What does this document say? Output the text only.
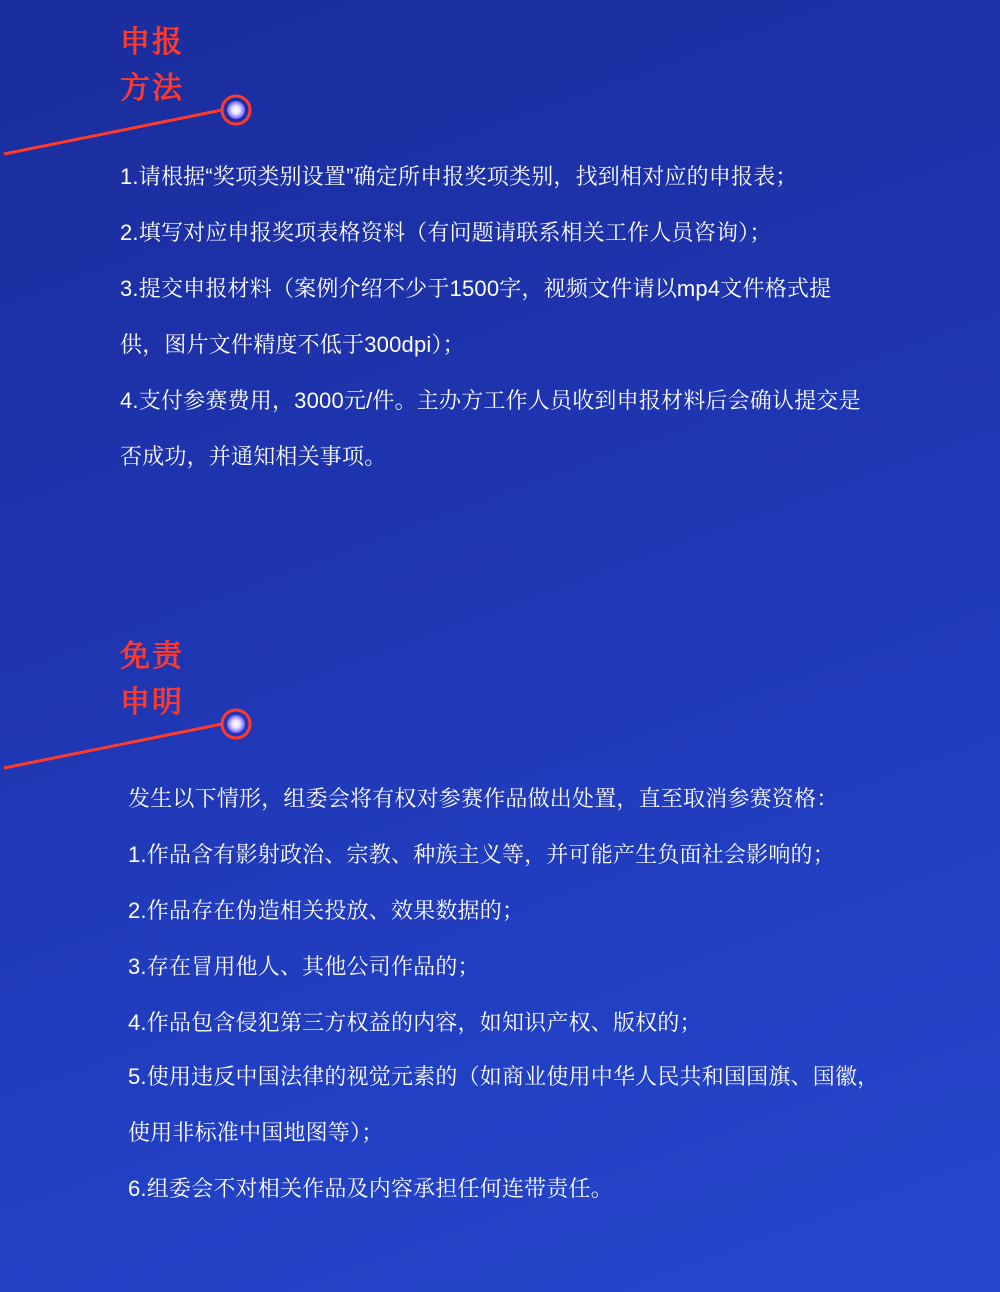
申报
方法

1.请根据“奖项类别设置”确定所申报奖项类别，找到相对应的申报表；

2.填写对应申报奖项表格资料（有问题请联系相关工作人员咨询）；

3.提交申报材料（案例介绍不少于1500字，视频文件请以mp4文件格式提

供，图片文件精度不低于300dpi）；

4.支付参赛费用，3000元/件。主办方工作人员收到申报材料后会确认提交是

否成功，并通知相关事项。

免责
申明

发生以下情形，组委会将有权对参赛作品做出处置，直至取消参赛资格：

1.作品含有影射政治、宗教、种族主义等，并可能产生负面社会影响的；

2.作品存在伪造相关投放、效果数据的；

3.存在冒用他人、其他公司作品的；

4.作品包含侵犯第三方权益的内容，如知识产权、版权的；

5.使用违反中国法律的视觉元素的（如商业使用中华人民共和国国旗、国徽，

使用非标准中国地图等）；

6.组委会不对相关作品及内容承担任何连带责任。
